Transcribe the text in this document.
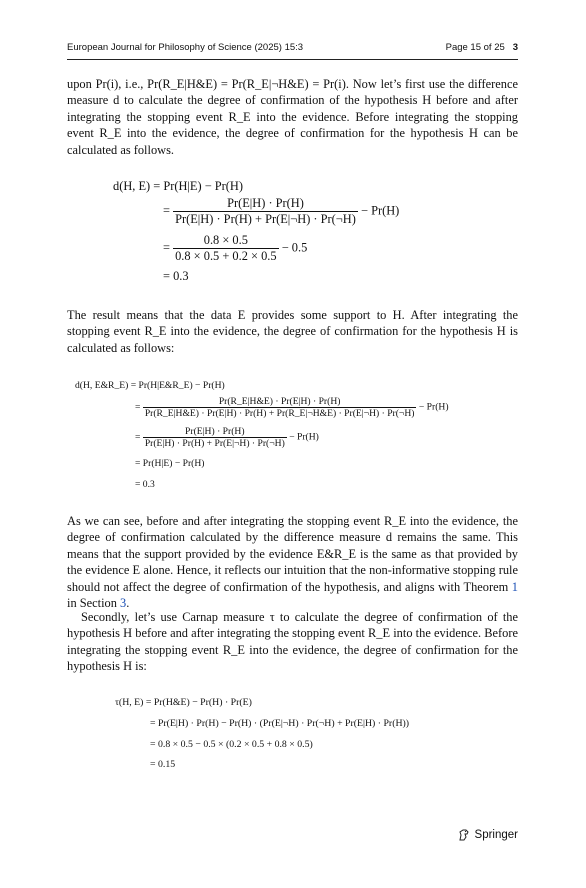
European Journal for Philosophy of Science (2025) 15:3	Page 15 of 25 3
upon Pr(i), i.e., Pr(R_E|H&E) = Pr(R_E|¬H&E) = Pr(i). Now let’s first use the difference measure d to calculate the degree of confirmation of the hypothesis H before and after integrating the stopping event R_E into the evidence. Before integrating the stopping event R_E into the evidence, the degree of confirmation for the hypothesis H can be calculated as follows.
d(H, E) = Pr(H|E) − Pr(H)
= $\frac{Pr(E|H) \cdot Pr(H)}{Pr(E|H) \cdot Pr(H) + Pr(E|\neg H) \cdot Pr(\neg H)} - Pr(H)$
= $\frac{0.8 \times 0.5}{0.8 \times 0.5 + 0.2 \times 0.5} - 0.5$
= 0.3
The result means that the data E provides some support to H. After integrating the stopping event R_E into the evidence, the degree of confirmation for the hypothesis H is calculated as follows:
d(H, E&R_E) = Pr(H|E&R_E) − Pr(H)
=
Pr(R_E|H&E) · Pr(E|H) · Pr(H)
Pr(R_E|H&E) · Pr(E|H) · Pr(H) + Pr(R_E|¬H&E) · Pr(E|¬H) · Pr(¬H)
− Pr(H)
= $\frac{Pr(E|H) \cdot Pr(H)}{Pr(E|H) \cdot Pr(H) + Pr(E|\neg H) \cdot Pr(\neg H)} - Pr(H)$
= Pr(H|E) − Pr(H)
= 0.3
As we can see, before and after integrating the stopping event R_E into the evidence, the degree of confirmation calculated by the difference measure d remains the same. This means that the support provided by the evidence E&R_E is the same as that provided by the evidence E alone. Hence, it reflects our intuition that the non-informative stopping rule should not affect the degree of confirmation of the hypothesis, and aligns with Theorem 1 in Section 3.
Secondly, let’s use Carnap measure τ to calculate the degree of confirmation of the hypothesis H before and after integrating the stopping event R_E into the evidence. Before integrating the stopping event R_E into the evidence, the degree of confirmation for the hypothesis H is:
τ(H, E) = Pr(H&E) − Pr(H) · Pr(E)
= Pr(E|H) · Pr(H) − Pr(H) · (Pr(E|¬H) · Pr(¬H) + Pr(E|H) · Pr(H))
= 0.8 × 0.5 − 0.5 × (0.2 × 0.5 + 0.8 × 0.5)
= 0.15
Springer
